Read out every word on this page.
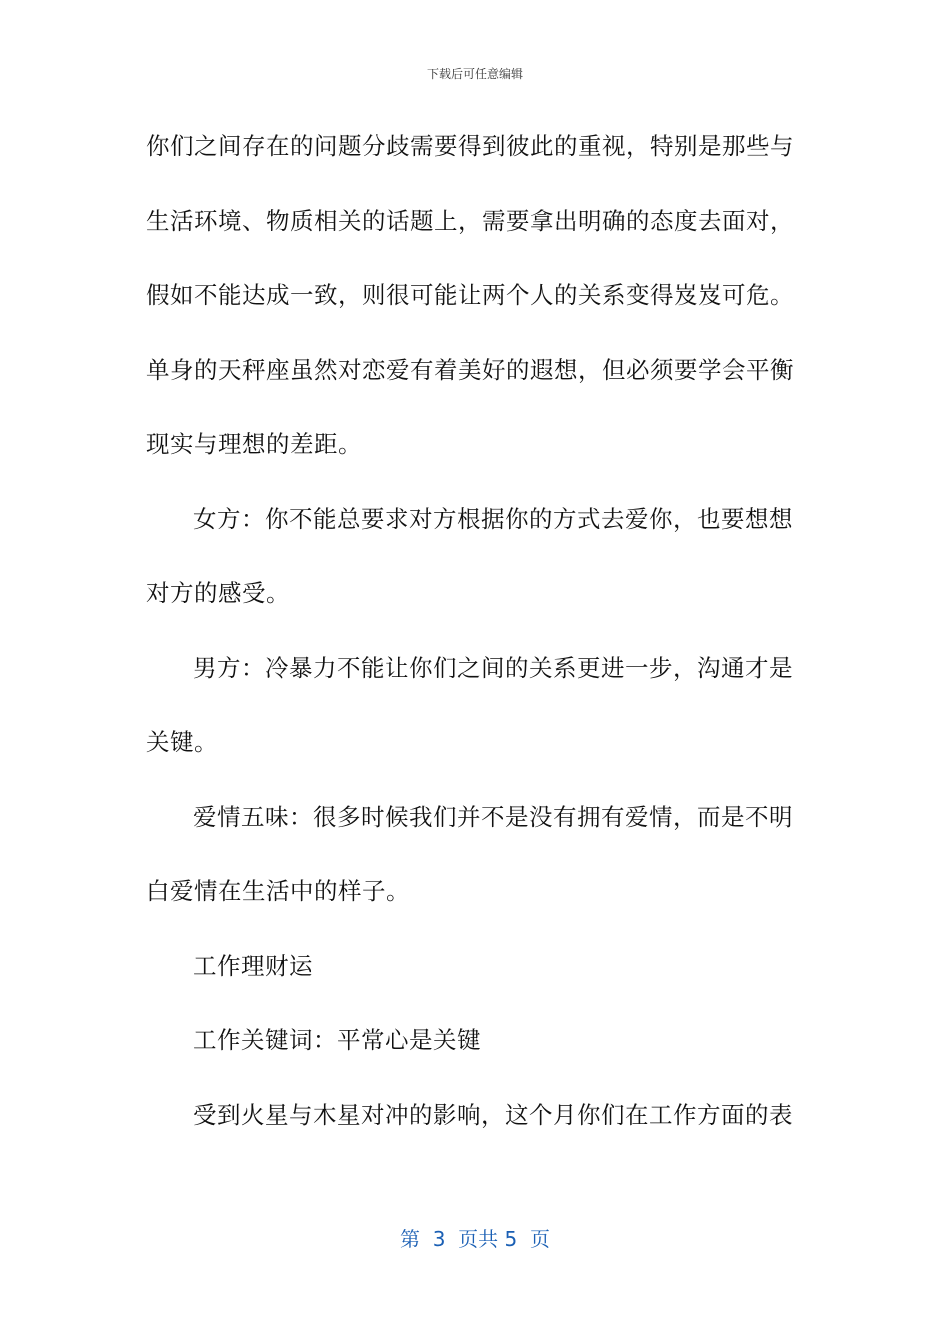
下载后可任意编辑
你们之间存在的问题分歧需要得到彼此的重视，特别是那些与
生活环境、物质相关的话题上，需要拿出明确的态度去面对，
假如不能达成一致，则很可能让两个人的关系变得岌岌可危。
单身的天秤座虽然对恋爱有着美好的遐想，但必须要学会平衡
现实与理想的差距。
女方：你不能总要求对方根据你的方式去爱你，也要想想
对方的感受。
男方：冷暴力不能让你们之间的关系更进一步，沟通才是
关键。
爱情五味：很多时候我们并不是没有拥有爱情，而是不明
白爱情在生活中的样子。
工作理财运
工作关键词：平常心是关键
受到火星与木星对冲的影响，这个月你们在工作方面的表
第  3  页共 5  页
